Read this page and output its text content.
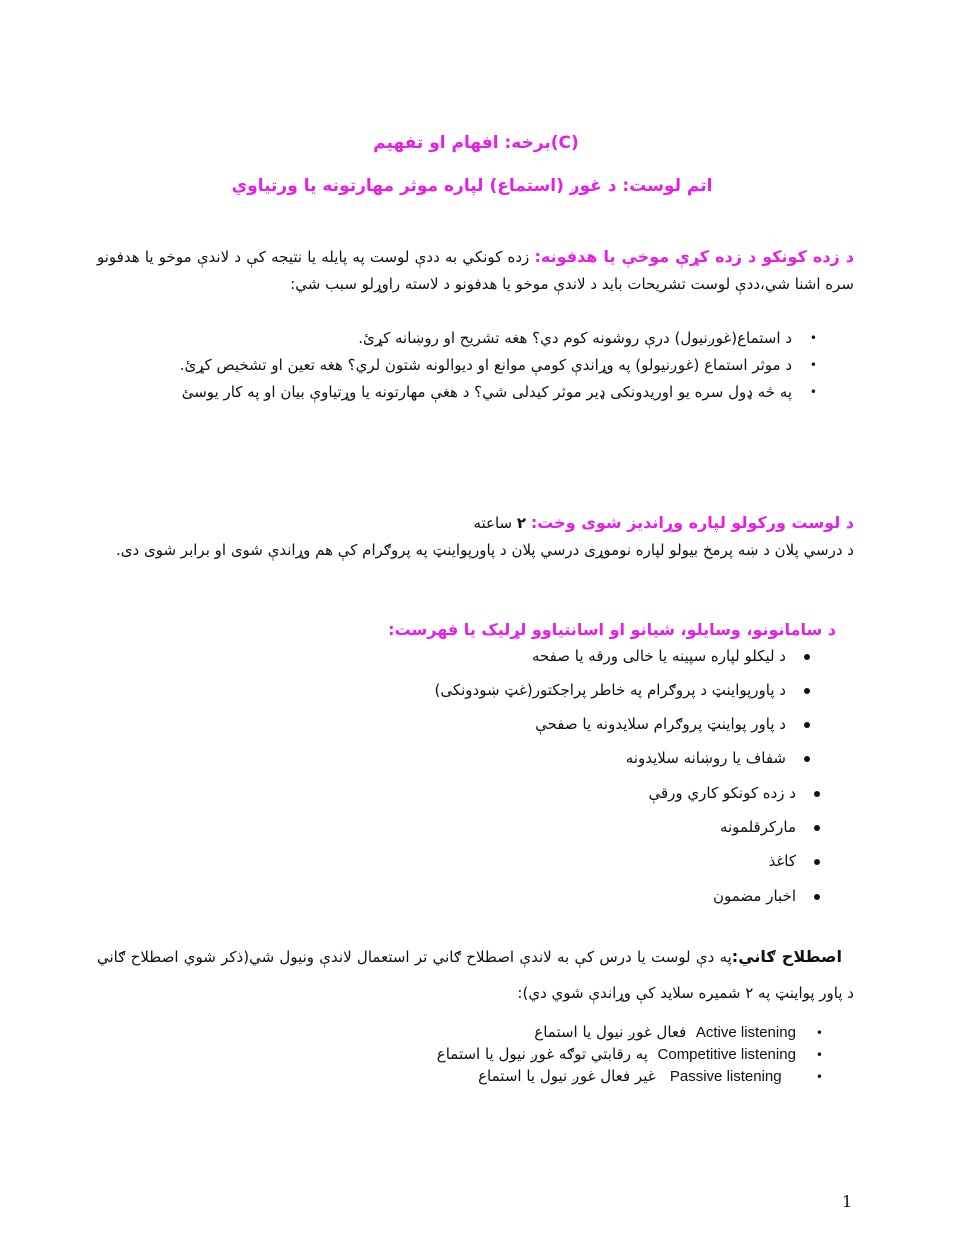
(C)برخه: افهام او تفهیم
اتم لوست: د غوږ (استماع) لپاره موثر مهارتونه یا ورتیاوي
د زده کونکو د زده کړې موخې یا هدفونه: زده کونکي به ددې لوست په پایله یا نتیجه کې د لاندې موخو یا هدفونو سره اشنا شي،ددې لوست تشریحات باید د لاندې موخو یا هدفونو د لاسته راوړلو سبب شي:
•
د استماع(غوږنیول) درې روشونه کوم دي؟ هغه تشریح او روښانه کړئ.
•
د موثر استماع (غوږنیولو) په وړاندې کومې موانع او دیوالونه شتون لري؟ هغه تعین او تشخیص کړئ.
•
په څه ډول سره یو اوریدونکی ډیر موثر کیدلی شي؟ د هغې مهارتونه یا وړتیاوې بیان او په کار یوسئ
د لوست ورکولو لپاره وړاندیز شوی وخت: ۲ ساعته
د درسي پلان د ښه پرمخ بیولو لپاره نوموړی درسي پلان د پاورپواینټ په پروګرام کې هم وړاندې شوی او برابر شوی دی.
د سامانونو، وسایلو، شیانو او اسانتیاوو لړلیک یا فهرست:
د لیکلو لپاره سپینه یا خالی ورقه یا صفحه
د پاورپواینټ د پروګرام په خاطر پراجکتور(غټ ښودونکی)
د پاور پواینټ پروګرام سلایدونه یا صفحې
شفاف یا روښانه سلایدونه
د زده کونکو کاري ورقې
مارکرقلمونه
کاغذ
اخبار مضمون
اصطلاح ګاني:په دې لوست یا درس کې به لاندې اصطلاح ګاني تر استعمال لاندې ونیول شي(ذکر شوي اصطلاح ګاني د پاور پواینټ په ۲ شمیره سلاید کې وړاندې شوي دي):
•Active listening  فعال غوږ نیول یا استماع
•Competitive listening  په رقابتي توګه غوږ نیول یا استماع
•   Passive listening   غیر فعال غوږ نیول یا استماع
1
